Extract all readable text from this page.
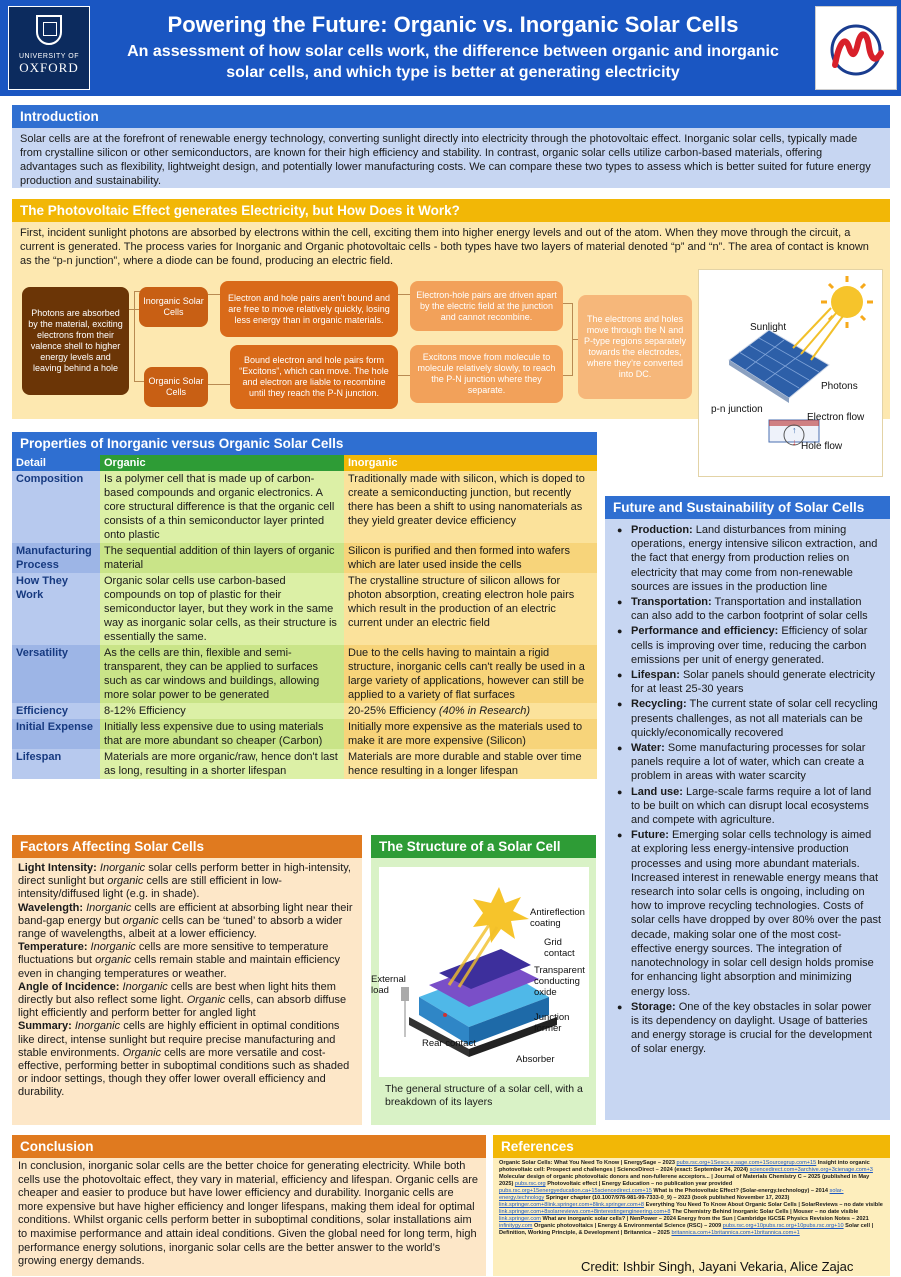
UNIVERSITY OF
OXFORD
Powering the Future: Organic vs. Inorganic Solar Cells
An assessment of how solar cells work, the difference between organic and inorganic solar cells, and which type is better at generating electricity
Introduction
Solar cells are at the forefront of renewable energy technology, converting sunlight directly into electricity through the photovoltaic effect. Inorganic solar cells, typically made from crystalline silicon or other semiconductors, are known for their high efficiency and stability. In contrast, organic solar cells utilize carbon-based materials, offering advantages such as flexibility, lightweight design, and potentially lower manufacturing costs. We can compare these two types to assess which is better suited for future energy production and sustainability.
The Photovoltaic Effect generates Electricity, but How Does it Work?
First, incident sunlight photons are absorbed by electrons within the cell, exciting them into higher energy levels and out of the atom. When they move through the circuit, a current is generated. The process varies for Inorganic and Organic photovoltaic cells - both types have two layers of material denoted “p” and “n”. The area of contact is known as the “p-n junction”, where a diode can be found, producing an electric field.
Photons are absorbed by the material, exciting electrons from their valence shell to higher energy levels and leaving behind a hole
Inorganic Solar Cells
Organic Solar Cells
Electron and hole pairs aren’t bound and are free to move relatively quickly, losing less energy than in organic materials.
Electron-hole pairs are driven apart by the electric field at the junction and cannot recombine.
Bound electron and hole pairs form “Excitons”, which can move. The hole and electron are liable to recombine until they reach the P-N junction.
Excitons move from molecule to molecule relatively slowly, to reach the P-N junction where they separate.
The electrons and holes move through the N and P-type regions separately towards the electrodes, where they’re converted into DC.
↑
↓
Sunlight
Photons
p-n junction
Electron flow
Hole flow
Properties of Inorganic versus Organic Solar Cells
Detail	Organic	Inorganic
Composition	Is a polymer cell that is made up of carbon-based compounds and organic electronics. A core structural difference is that the organic cell consists of a thin semiconductor layer printed onto plastic	Traditionally made with silicon, which is doped to create a semiconducting junction, but recently there has been a shift to using nanomaterials as they yield greater device efficiency
Manufacturing Process	The sequential addition of thin layers of organic material	Silicon is purified and then formed into wafers which are later used inside the cells
How They Work	Organic solar cells use carbon-based compounds on top of plastic for their semiconductor layer, but they work in the same way as inorganic solar cells, as their structure is essentially the same.	The crystalline structure of silicon allows for photon absorption, creating electron hole pairs which result in the production of an electric current under an electric field
Versatility	As the cells are thin, flexible and semi-transparent, they can be applied to surfaces such as car windows and buildings, allowing more solar power to be generated	Due to the cells having to maintain a rigid structure, inorganic cells can't really be used in a large variety of applications, however can still be applied to a variety of flat surfaces
Efficiency	8-12% Efficiency	20-25% Efficiency (40% in Research)
Initial Expense	Initially less expensive due to using materials that are more abundant so cheaper (Carbon)	Initially more expensive as the materials used to make it are more expensive (Silicon)
Lifespan	Materials are more organic/raw, hence don't last as long, resulting in a shorter lifespan	Materials are more durable and stable over time hence resulting in a longer lifespan
Future and Sustainability of Solar Cells
● Production: Land disturbances from mining operations, energy intensive silicon extraction, and the fact that energy from production relies on electricity that may come from non-renewable sources are issues in the production line
● Transportation: Transportation and installation can also add to the carbon footprint of solar cells
● Performance and efficiency: Efficiency of solar cells is improving over time, reducing the carbon emissions per unit of energy generated.
● Lifespan: Solar panels should generate electricity for at least 25-30 years
● Recycling: The current state of solar cell recycling presents challenges, as not all materials can be quickly/economically recovered
● Water: Some manufacturing processes for solar panels require a lot of water, which can create a problem in areas with water scarcity
● Land use: Large-scale farms require a lot of land to be built on which can disrupt local ecosystems and compete with agriculture.
● Future: Emerging solar cells technology is aimed at exploring less energy-intensive production processes and using more abundant materials. Increased interest in renewable energy means that research into solar cells is ongoing, including on how to improve recycling technologies. Costs of solar cells have dropped by over 80% over the past decade, making solar one of the most cost-effective energy sources. The integration of nanotechnology in solar cell design holds promise for enhancing light absorption and minimizing energy loss.
● Storage: One of the key obstacles in solar power is its dependency on daylight. Usage of batteries and energy storage is crucial for the development of solar energy.
Factors Affecting Solar Cells
Light Intensity: Inorganic solar cells perform better in high-intensity, direct sunlight but organic cells are still efficient in low-intensity/diffused light (e.g. in shade).
Wavelength: Inorganic cells are efficient at absorbing light near their band-gap energy but organic cells can be ‘tuned’ to absorb a wider range of wavelengths, albeit at a lower efficiency.
Temperature: Inorganic cells are more sensitive to temperature fluctuations but organic cells remain stable and maintain efficiency even in changing temperatures or weather.
Angle of Incidence: Inorganic cells are best when light hits them directly but also reflect some light. Organic cells, can absorb diffuse light efficiently and perform better for angled light
Summary: Inorganic cells are highly efficient in optimal conditions like direct, intense sunlight but require precise manufacturing and stable environments. Organic cells are more versatile and cost-effective, performing better in suboptimal conditions such as shaded or indoor settings, though they offer lower overall efficiency and durability.
The Structure of a Solar Cell
Antireflection coating
Grid contact
Transparent conducting oxide
Junction former
Absorber
Rear contact
External load
The general structure of a solar cell, with a breakdown of its layers
Conclusion
In conclusion, inorganic solar cells are the better choice for generating electricity. While both cells use the photovoltaic effect, they vary in material, efficiency and lifespan. Organic cells are cheaper and easier to produce but have lower efficiency and durability. Inorganic cells are more expensive but have higher efficiency and longer lifespans, making them ideal for optimal conditions. Whilst organic cells perform better in suboptimal conditions, solar installations aim to maximise performance and attain ideal conditions. Given the global need for long term, high performance energy solutions, inorganic solar cells are the better answer to the world’s growing energy demands.
References
Organic Solar Cells: What You Need To Know | EnergySage – 2023 pubs.rsc.org+1Sescs.e.sage.com+1Sourcegrup.com+15 Insight into organic photovoltaic cell: Prospect and challenges | ScienceDirect – 2024 (exact: September 24, 2024) sciencedirect.com+3archive.org+3cienage.com+3 Molecular design of organic photovoltaic donors and non-fullerene acceptors... | Journal of Materials Chemistry C – 2025 (published in May 2025) pubs.rsc.org Photovoltaic effect | Energy Education – no publication year provided pubs.rsc.org+15energyeducation.ca+15sciencedirect.com+15 What is the Photovoltaic Effect? (Solar-energy.technology) – 2014 solar-energy.technology Springer chapter (10.1007/978-981-99-7333-0_9) – 2023 (book published November 17, 2023) link.springer.com+8link.springer.com+8link.springer.com+8 Everything You Need To Know About Organic Solar Cells | SolarReviews – no date visible link.springer.com+8solarreviews.com+8interestingengineering.com+8 The Chemistry Behind Inorganic Solar Cells | Mouser – no date visible link.springer.com What are inorganic solar cells? | NenPower – 2024 Energy from the Sun | Cambridge IGCSE Physics Revision Notes – 2021 infinitygy.com Organic photovoltaics | Energy & Environmental Science (RSC) – 2009 pubs.rsc.org+10pubs.rsc.org+10pubs.rsc.org+10 Solar cell | Definition, Working Principle, & Development | Britannica – 2025 britannica.com+1britannica.com+1britannica.com+1
Credit: Ishbir Singh, Jayani Vekaria, Alice Zajac
